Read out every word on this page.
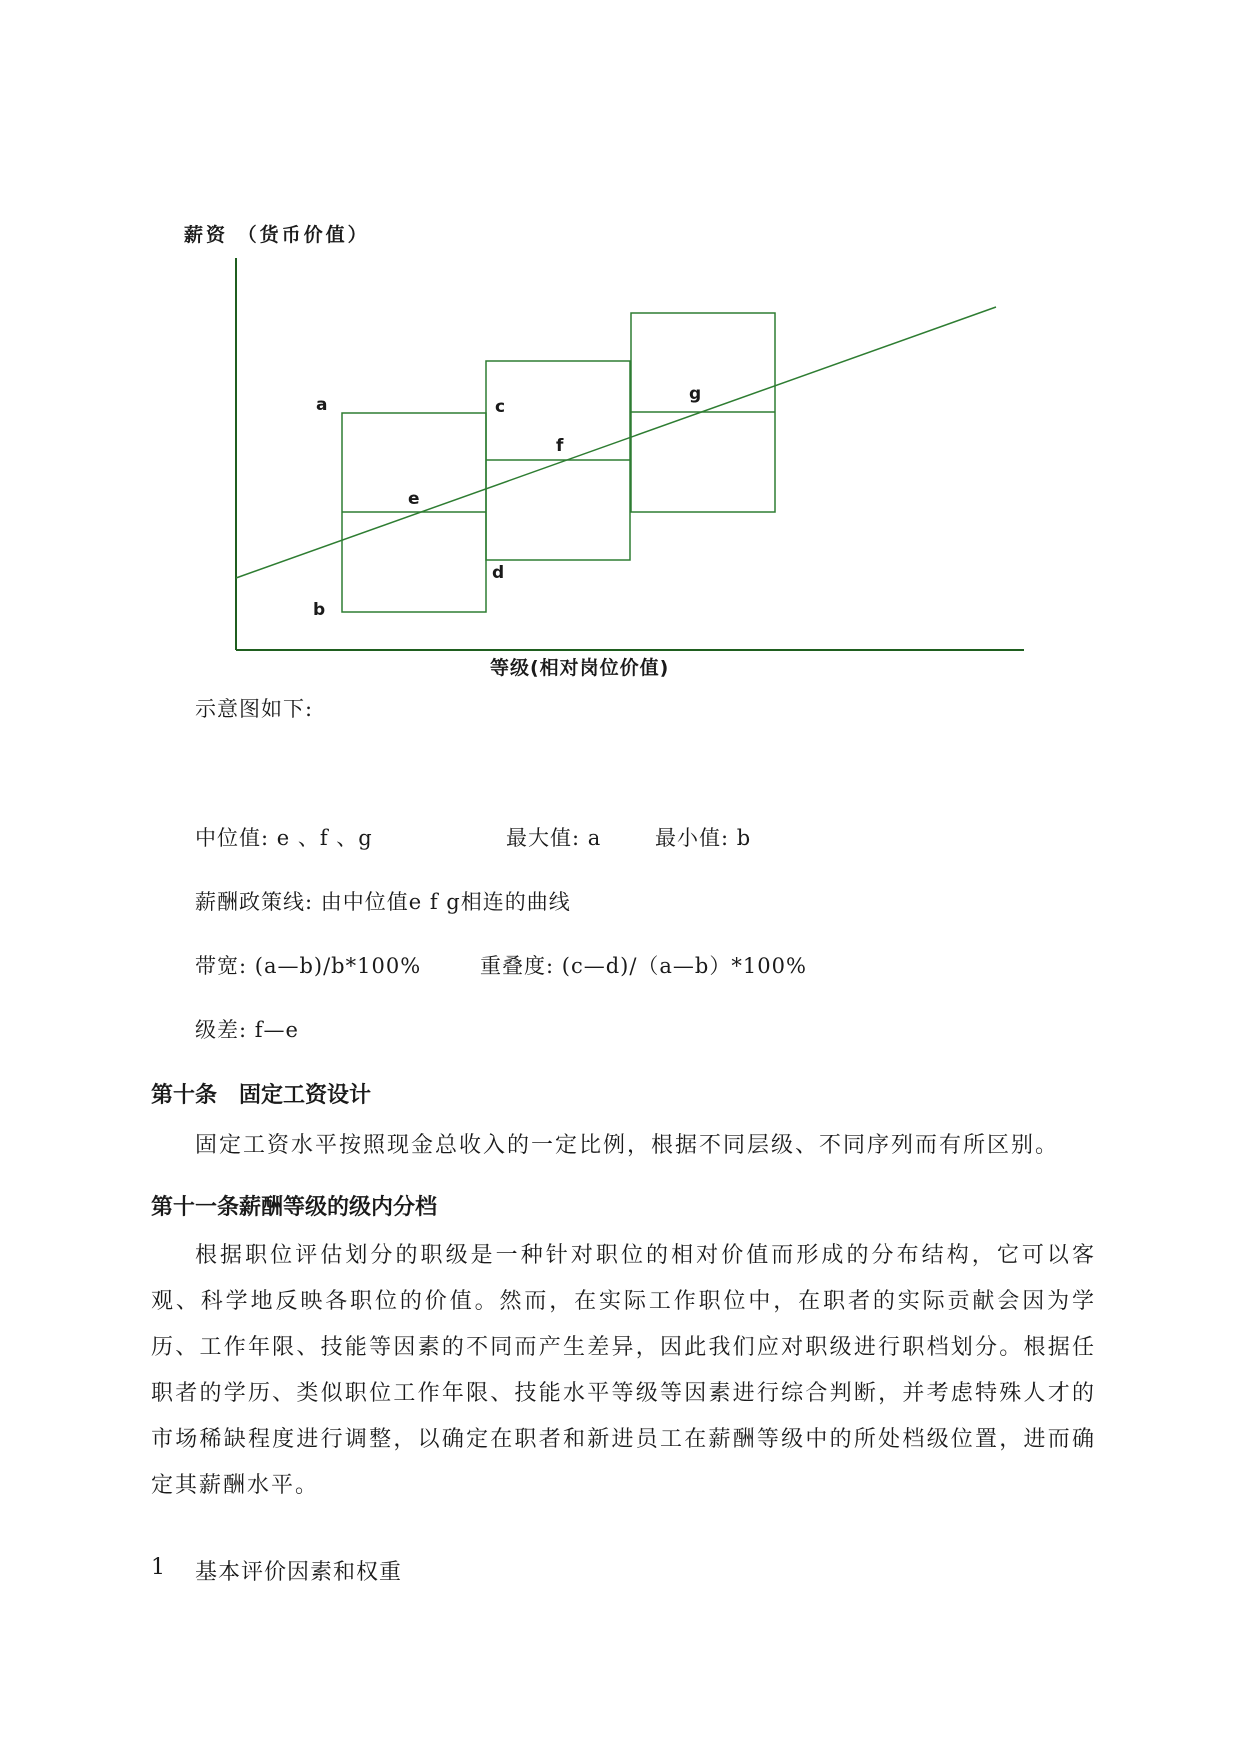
薪资 （货币价值）
a
b
c
d
e
f
g
等级(相对岗位价值)
示意图如下:
中位值: e 、f 、g	最大值: a	最小值: b
薪酬政策线: 由中位值e f g相连的曲线
带宽: (a—b)/b*100%	重叠度: (c—d)/（a—b）*100%
级差: f—e
第十条　固定工资设计
固定工资水平按照现金总收入的一定比例，根据不同层级、不同序列而有所区别。
第十一条薪酬等级的级内分档
根据职位评估划分的职级是一种针对职位的相对价值而形成的分布结构，它可以客观、科学地反映各职位的价值。然而，在实际工作职位中，在职者的实际贡献会因为学历、工作年限、技能等因素的不同而产生差异，因此我们应对职级进行职档划分。根据任职者的学历、类似职位工作年限、技能水平等级等因素进行综合判断，并考虑特殊人才的市场稀缺程度进行调整，以确定在职者和新进员工在薪酬等级中的所处档级位置，进而确定其薪酬水平。
1 基本评价因素和权重
